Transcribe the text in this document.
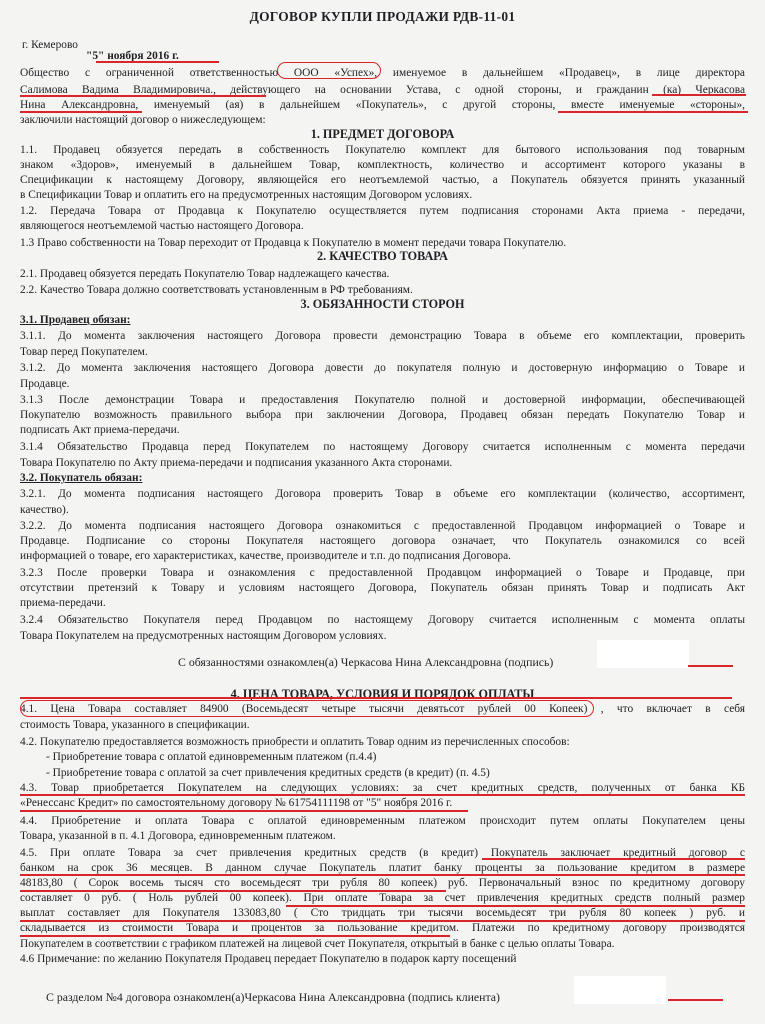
ДОГОВОР КУПЛИ ПРОДАЖИ РДВ-11-01
г. Кемерово
"5" ноября 2016 г.
Общество с ограниченной ответственностью ООО «Успех», именуемое в дальнейшем «Продавец», в лице директора
Салимова Вадима Владимировича., действующего на основании Устава, с одной стороны, и гражданин (ка) Черкасова
Нина Александровна, именуемый (ая) в дальнейшем «Покупатель», с другой стороны, вместе именуемые «стороны»,
заключили настоящий договор о нижеследующем:
1. ПРЕДМЕТ ДОГОВОРА
1.1. Продавец обязуется передать в собственность Покупателю комплект для бытового использования под товарным
знаком «Здоров», именуемый в дальнейшем Товар, комплектность, количество и ассортимент которого указаны в
Спецификации к настоящему Договору, являющейся его неотъемлемой частью, а Покупатель обязуется принять указанный
в Спецификации Товар и оплатить его на предусмотренных настоящим Договором условиях.
1.2. Передача Товара от Продавца к Покупателю осуществляется путем подписания сторонами Акта приема - передачи,
являющегося неотъемлемой частью настоящего Договора.
1.3 Право собственности на Товар переходит от Продавца к Покупателю в момент передачи товара Покупателю.
2. КАЧЕСТВО ТОВАРА
2.1. Продавец обязуется передать Покупателю Товар надлежащего качества.
2.2. Качество Товара должно соответствовать установленным в РФ требованиям.
3. ОБЯЗАННОСТИ СТОРОН
3.1. Продавец обязан:
3.1.1. До момента заключения настоящего Договора провести демонстрацию Товара в объеме его комплектации, проверить
Товар перед Покупателем.
3.1.2. До момента заключения настоящего Договора довести до покупателя полную и достоверную информацию о Товаре и
Продавце.
3.1.3 После демонстрации Товара и предоставления Покупателю полной и достоверной информации, обеспечивающей
Покупателю возможность правильного выбора при заключении Договора, Продавец обязан передать Покупателю Товар и
подписать Акт приема-передачи.
3.1.4 Обязательство Продавца перед Покупателем по настоящему Договору считается исполненным с момента передачи
Товара Покупателю по Акту приема-передачи и подписания указанного Акта сторонами.
3.2. Покупатель обязан:
3.2.1. До момента подписания настоящего Договора проверить Товар в объеме его комплектации (количество, ассортимент,
качество).
3.2.2. До момента подписания настоящего Договора ознакомиться с предоставленной Продавцом информацией о Товаре и
Продавце. Подписание со стороны Покупателя настоящего договора означает, что Покупатель ознакомился со всей
информацией о товаре, его характеристиках, качестве, производителе и т.п. до подписания Договора.
3.2.3 После проверки Товара и ознакомления с предоставленной Продавцом информацией о Товаре и Продавце, при
отсутствии претензий к Товару и условиям настоящего Договора, Покупатель обязан принять Товар и подписать Акт
приема-передачи.
3.2.4 Обязательство Покупателя перед Продавцом по настоящему Договору считается исполненным с момента оплаты
Товара Покупателем на предусмотренных настоящим Договором условиях.
С обязанностями ознакомлен(а) Черкасова Нина Александровна (подпись)
4. ЦЕНА ТОВАРА, УСЛОВИЯ И ПОРЯДОК ОПЛАТЫ
4.1. Цена Товара составляет 84900 (Восемьдесят четыре тысячи девятьсот рублей 00 Копеек) , что включает в себя
стоимость Товара, указанного в спецификации.
4.2. Покупателю предоставляется возможность приобрести и оплатить Товар одним из перечисленных способов:
- Приобретение товара с оплатой единовременным платежом (п.4.4)
- Приобретение товара с оплатой за счет привлечения кредитных средств (в кредит) (п. 4.5)
4.3. Товар приобретается Покупателем на следующих условиях: за счет кредитных средств, полученных от банка КБ
«Ренессанс Кредит» по самостоятельному договору № 61754111198 от "5" ноября 2016 г.
4.4. Приобретение и оплата Товара с оплатой единовременным платежом происходит путем оплаты Покупателем цены
Товара, указанной в п. 4.1 Договора, единовременным платежом.
4.5. При оплате Товара за счет привлечения кредитных средств (в кредит) Покупатель заключает кредитный договор с
банком на срок 36 месяцев. В данном случае Покупатель платит банку проценты за пользование кредитом в размере
48183,80 ( Сорок восемь тысяч сто восемьдесят три рубля 80 копеек) руб. Первоначальный взнос по кредитному договору
составляет 0 руб. ( Ноль рублей 00 копеек). При оплате Товара за счет привлечения кредитных средств полный размер
выплат составляет для Покупателя 133083,80 ( Сто тридцать три тысячи восемьдесят три рубля 80 копеек ) руб. и
складывается из стоимости Товара и процентов за пользование кредитом. Платежи по кредитному договору производятся
Покупателем в соответствии с графиком платежей на лицевой счет Покупателя, открытый в банке с целью оплаты Товара.
4.6 Примечание: по желанию Покупателя Продавец передает Покупателю в подарок карту посещений
С разделом №4 договора ознакомлен(а)Черкасова Нина Александровна (подпись клиента)
